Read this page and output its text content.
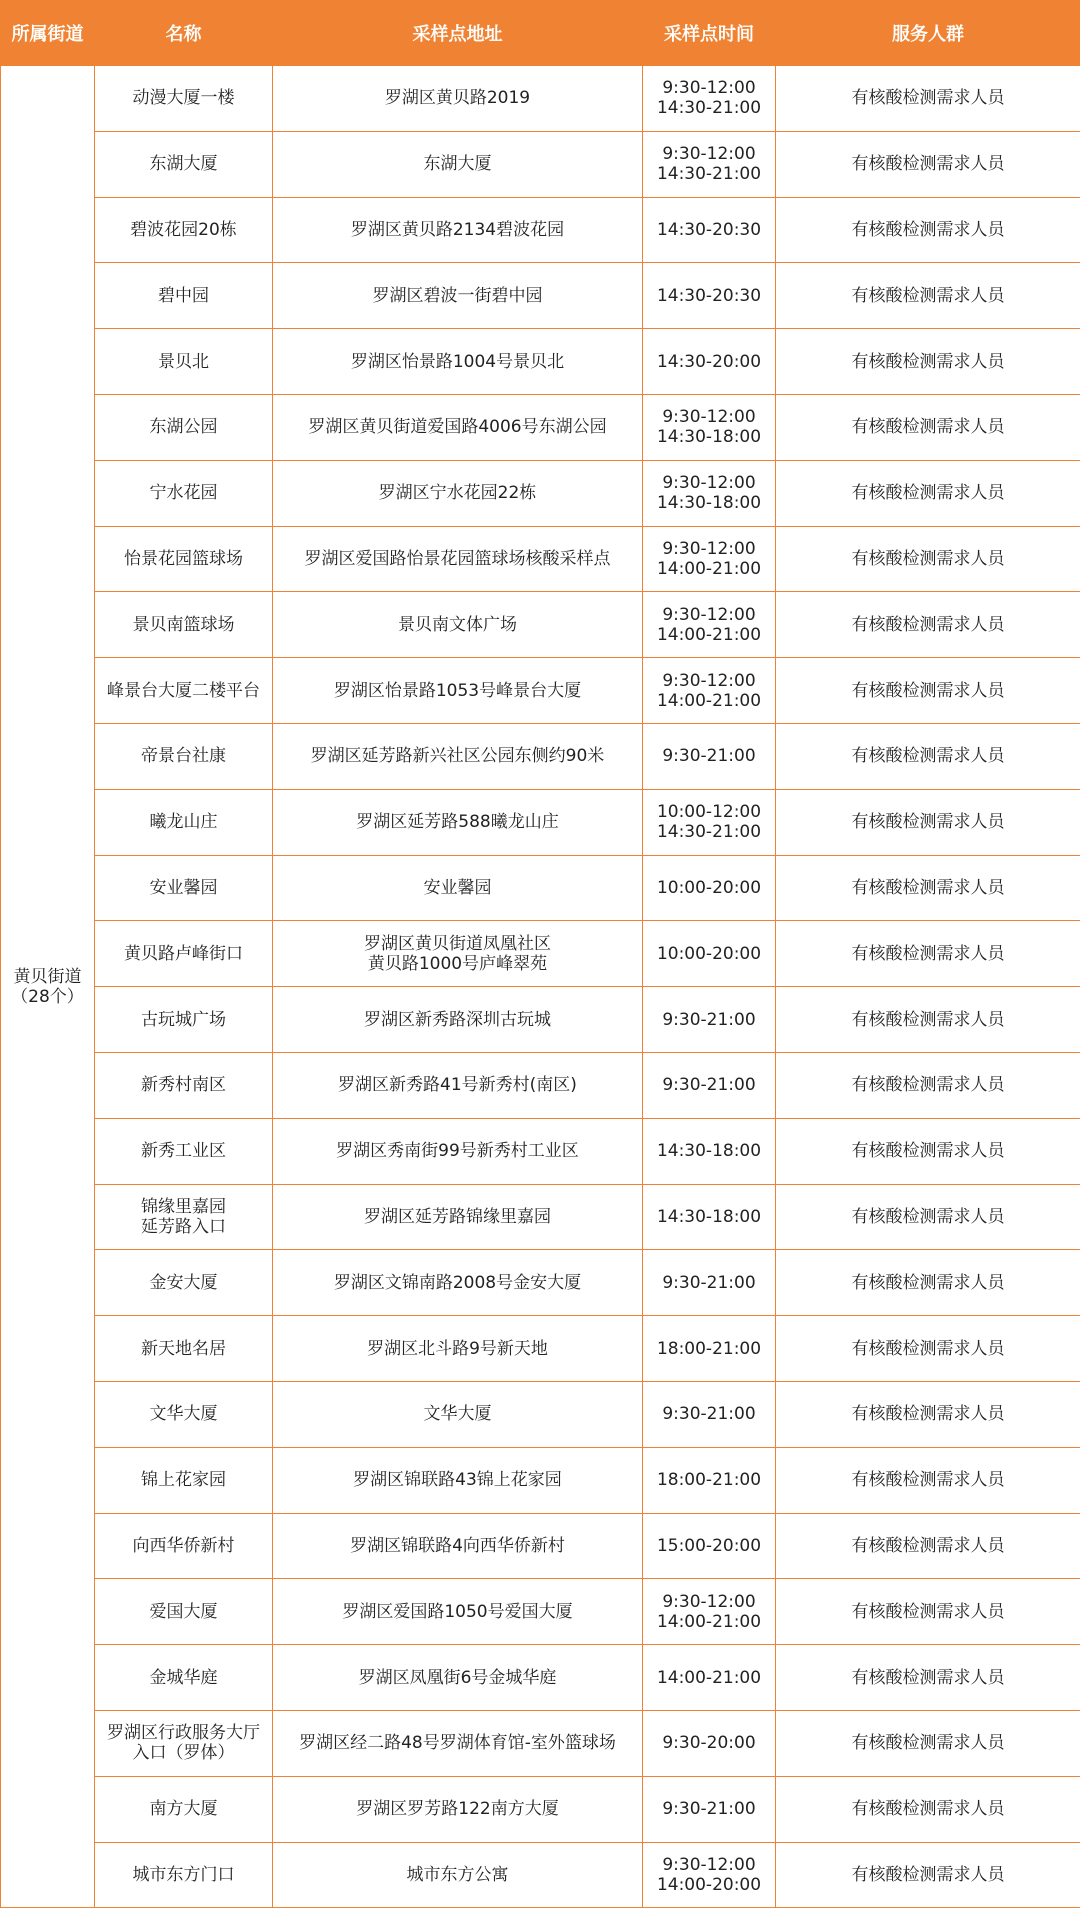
所属街道	名称	采样点地址	采样点时间	服务人群

黄贝街道
（28个）	动漫大厦一楼	罗湖区黄贝路2019	9:30-12:00
14:30-21:00	有核酸检测需求人员

	东湖大厦	东湖大厦	9:30-12:00
14:30-21:00	有核酸检测需求人员

	碧波花园20栋	罗湖区黄贝路2134碧波花园	14:30-20:30	有核酸检测需求人员

	碧中园	罗湖区碧波一街碧中园	14:30-20:30	有核酸检测需求人员

	景贝北	罗湖区怡景路1004号景贝北	14:30-20:00	有核酸检测需求人员

	东湖公园	罗湖区黄贝街道爱国路4006号东湖公园	9:30-12:00
14:30-18:00	有核酸检测需求人员

	宁水花园	罗湖区宁水花园22栋	9:30-12:00
14:30-18:00	有核酸检测需求人员

	怡景花园篮球场	罗湖区爱国路怡景花园篮球场核酸采样点	9:30-12:00
14:00-21:00	有核酸检测需求人员

	景贝南篮球场	景贝南文体广场	9:30-12:00
14:00-21:00	有核酸检测需求人员

	峰景台大厦二楼平台	罗湖区怡景路1053号峰景台大厦	9:30-12:00
14:00-21:00	有核酸检测需求人员

	帝景台社康	罗湖区延芳路新兴社区公园东侧约90米	9:30-21:00	有核酸检测需求人员

	曦龙山庄	罗湖区延芳路588曦龙山庄	10:00-12:00
14:30-21:00	有核酸检测需求人员

	安业馨园	安业馨园	10:00-20:00	有核酸检测需求人员

	黄贝路卢峰街口	罗湖区黄贝街道凤凰社区
黄贝路1000号庐峰翠苑	10:00-20:00	有核酸检测需求人员

	古玩城广场	罗湖区新秀路深圳古玩城	9:30-21:00	有核酸检测需求人员

	新秀村南区	罗湖区新秀路41号新秀村(南区)	9:30-21:00	有核酸检测需求人员

	新秀工业区	罗湖区秀南街99号新秀村工业区	14:30-18:00	有核酸检测需求人员

	锦缘里嘉园
延芳路入口	罗湖区延芳路锦缘里嘉园	14:30-18:00	有核酸检测需求人员

	金安大厦	罗湖区文锦南路2008号金安大厦	9:30-21:00	有核酸检测需求人员

	新天地名居	罗湖区北斗路9号新天地	18:00-21:00	有核酸检测需求人员

	文华大厦	文华大厦	9:30-21:00	有核酸检测需求人员

	锦上花家园	罗湖区锦联路43锦上花家园	18:00-21:00	有核酸检测需求人员

	向西华侨新村	罗湖区锦联路4向西华侨新村	15:00-20:00	有核酸检测需求人员

	爱国大厦	罗湖区爱国路1050号爱国大厦	9:30-12:00
14:00-21:00	有核酸检测需求人员

	金城华庭	罗湖区凤凰街6号金城华庭	14:00-21:00	有核酸检测需求人员

	罗湖区行政服务大厅
入口（罗体）	罗湖区经二路48号罗湖体育馆-室外篮球场	9:30-20:00	有核酸检测需求人员

	南方大厦	罗湖区罗芳路122南方大厦	9:30-21:00	有核酸检测需求人员

	城市东方门口	城市东方公寓	9:30-12:00
14:00-20:00	有核酸检测需求人员
